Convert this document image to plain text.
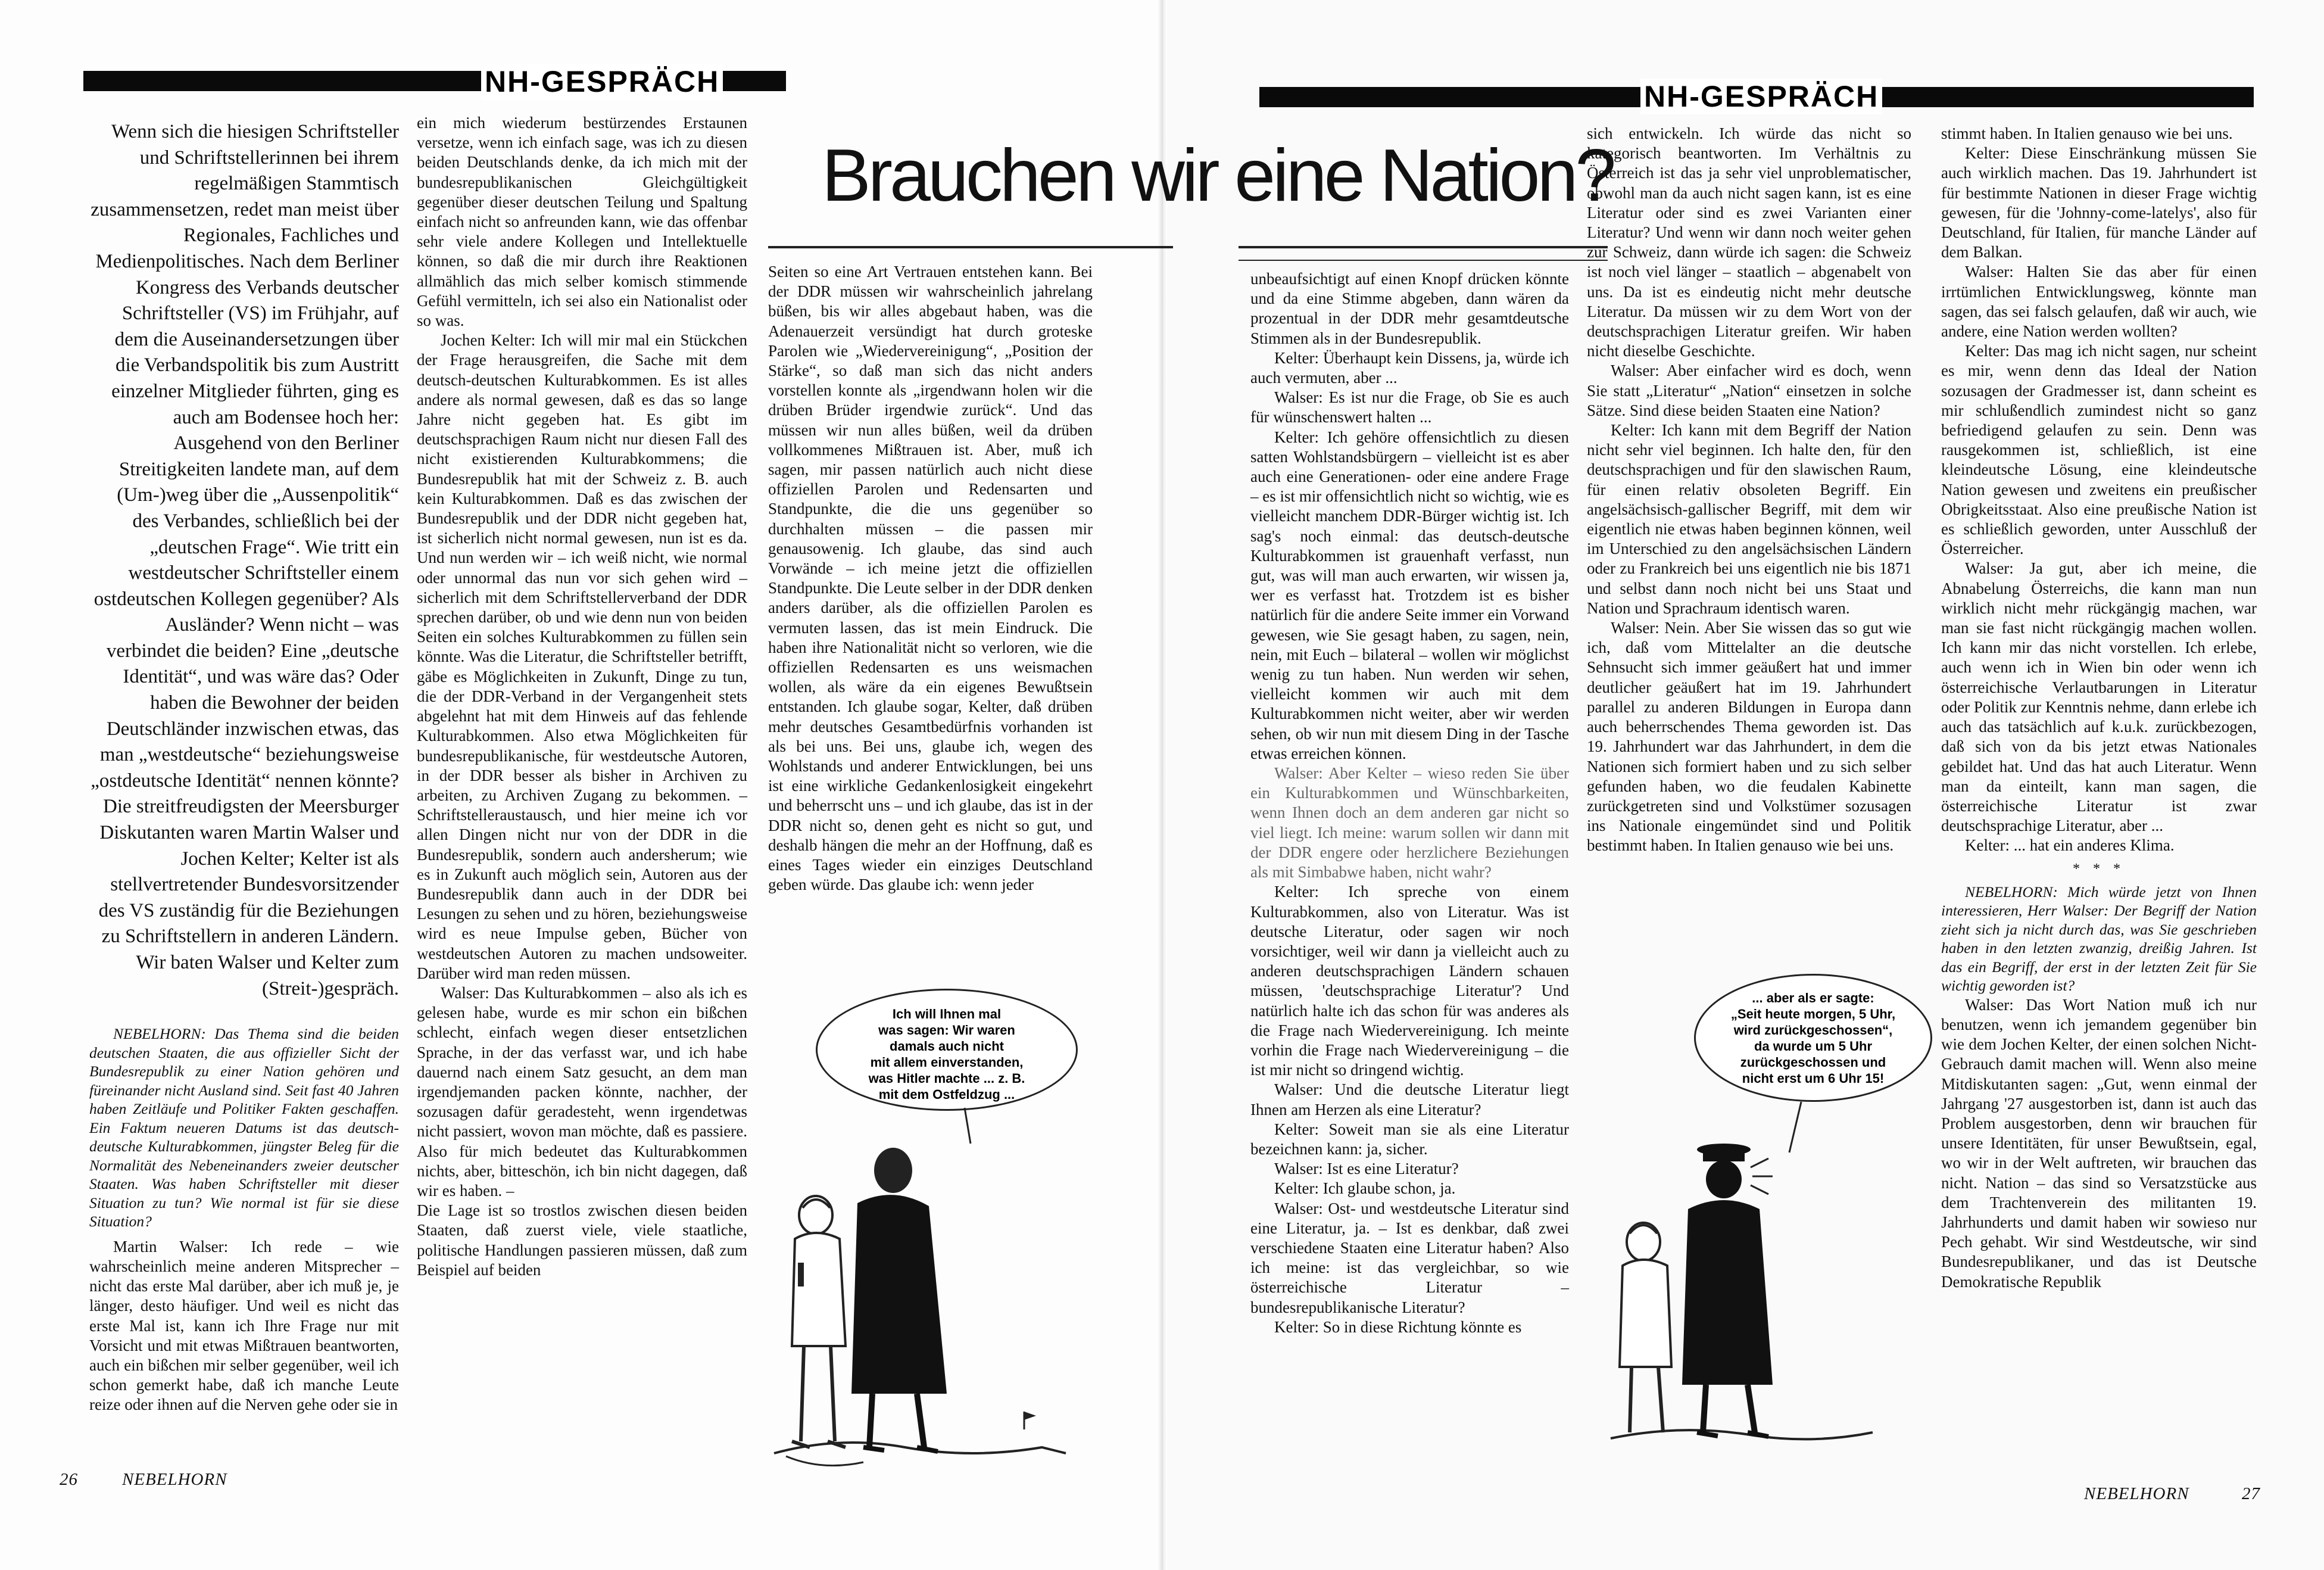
NH-GESPRÄCH	NH-GESPRÄCH
Brauchen wir eine Nation?

Wenn sich die hiesigen Schriftsteller und Schriftstellerinnen bei ihrem regelmäßigen Stammtisch zusammensetzen, redet man meist über Regionales, Fachliches und Medienpolitisches. Nach dem Berliner Kongress des Verbands deutscher Schriftsteller (VS) im Frühjahr, auf dem die Auseinandersetzungen über die Verbandspolitik bis zum Austritt einzelner Mitglieder führten, ging es auch am Bodensee hoch her: Ausgehend von den Berliner Streitigkeiten landete man, auf dem (Um-)weg über die „Aussenpolitik“ des Verbandes, schließlich bei der „deutschen Frage“. Wie tritt ein westdeutscher Schriftsteller einem ostdeutschen Kollegen gegenüber? Als Ausländer? Wenn nicht – was verbindet die beiden? Eine „deutsche Identität“, und was wäre das? Oder haben die Bewohner der beiden Deutschländer inzwischen etwas, das man „westdeutsche“ beziehungsweise „ostdeutsche Identität“ nennen könnte? Die streitfreudigsten der Meersburger Diskutanten waren Martin Walser und Jochen Kelter; Kelter ist als stellvertretender Bundesvorsitzender des VS zuständig für die Beziehungen zu Schriftstellern in anderen Ländern. Wir baten Walser und Kelter zum (Streit-)gespräch.

NEBELHORN: Das Thema sind die beiden deutschen Staaten, die aus offizieller Sicht der Bundesrepublik zu einer Nation gehören und füreinander nicht Ausland sind. Seit fast 40 Jahren haben Zeitläufe und Politiker Fakten geschaffen. Ein Faktum neueren Datums ist das deutsch-deutsche Kulturabkommen, jüngster Beleg für die Normalität des Nebeneinanders zweier deutscher Staaten. Was haben Schriftsteller mit dieser Situation zu tun? Wie normal ist für sie diese Situation?

Martin Walser: Ich rede – wie wahrscheinlich meine anderen Mitsprecher – nicht das erste Mal darüber, aber ich muß je, je länger, desto häufiger. Und weil es nicht das erste Mal ist, kann ich Ihre Frage nur mit Vorsicht und mit etwas Mißtrauen beantworten, auch ein bißchen mir selber gegenüber, weil ich schon gemerkt habe, daß ich manche Leute reize oder ihnen auf die Nerven gehe oder sie in

ein mich wiederum bestürzendes Erstaunen versetze, wenn ich einfach sage, was ich zu diesen beiden Deutschlands denke, da ich mich mit der bundesrepublikanischen Gleichgültigkeit gegenüber dieser deutschen Teilung und Spaltung einfach nicht so anfreunden kann, wie das offenbar sehr viele andere Kollegen und Intellektuelle können, so daß die mir durch ihre Reaktionen allmählich das mich selber komisch stimmende Gefühl vermitteln, ich sei also ein Nationalist oder so was.

Jochen Kelter: Ich will mir mal ein Stückchen der Frage herausgreifen, die Sache mit dem deutsch-deutschen Kulturabkommen. Es ist alles andere als normal gewesen, daß es das so lange Jahre nicht gegeben hat. Es gibt im deutschsprachigen Raum nicht nur diesen Fall des nicht existierenden Kulturabkommens; die Bundesrepublik hat mit der Schweiz z. B. auch kein Kulturabkommen. Daß es das zwischen der Bundesrepublik und der DDR nicht gegeben hat, ist sicherlich nicht normal gewesen, nun ist es da. Und nun werden wir – ich weiß nicht, wie normal oder unnormal das nun vor sich gehen wird – sicherlich mit dem Schriftstellerverband der DDR sprechen darüber, ob und wie denn nun von beiden Seiten ein solches Kulturabkommen zu füllen sein könnte. Was die Literatur, die Schriftsteller betrifft, gäbe es Möglichkeiten in Zukunft, Dinge zu tun, die der DDR-Verband in der Vergangenheit stets abgelehnt hat mit dem Hinweis auf das fehlende Kulturabkommen. Also etwa Möglichkeiten für bundesrepublikanische, für westdeutsche Autoren, in der DDR besser als bisher in Archiven zu arbeiten, zu Archiven Zugang zu bekommen. – Schriftstelleraustausch, und hier meine ich vor allen Dingen nicht nur von der DDR in die Bundesrepublik, sondern auch andersherum; wie es in Zukunft auch möglich sein, Autoren aus der Bundesrepublik dann auch in der DDR bei Lesungen zu sehen und zu hören, beziehungsweise wird es neue Impulse geben, Bücher von westdeutschen Autoren zu machen undsoweiter. Darüber wird man reden müssen.

Walser: Das Kulturabkommen – also als ich es gelesen habe, wurde es mir schon ein bißchen schlecht, einfach wegen dieser entsetzlichen Sprache, in der das verfasst war, und ich habe dauernd nach einem Satz gesucht, an dem man irgendjemanden packen könnte, nachher, der sozusagen dafür geradesteht, wenn irgendetwas nicht passiert, wovon man möchte, daß es passiere. Also für mich bedeutet das Kulturabkommen nichts, aber, bitteschön, ich bin nicht dagegen, daß wir es haben. –

Die Lage ist so trostlos zwischen diesen beiden Staaten, daß zuerst viele, viele staatliche, politische Handlungen passieren müssen, daß zum Beispiel auf beiden

Seiten so eine Art Vertrauen entstehen kann. Bei der DDR müssen wir wahrscheinlich jahrelang büßen, bis wir alles abgebaut haben, was die Adenauerzeit versündigt hat durch groteske Parolen wie „Wiedervereinigung“, „Position der Stärke“, so daß man sich das nicht anders vorstellen konnte als „irgendwann holen wir die drüben Brüder irgendwie zurück“. Und das müssen wir nun alles büßen, weil da drüben vollkommenes Mißtrauen ist. Aber, muß ich sagen, mir passen natürlich auch nicht diese offiziellen Parolen und Redensarten und Standpunkte, die die uns gegenüber so durchhalten müssen – die passen mir genausowenig. Ich glaube, das sind auch Vorwände – ich meine jetzt die offiziellen Standpunkte. Die Leute selber in der DDR denken anders darüber, als die offiziellen Parolen es vermuten lassen, das ist mein Eindruck. Die haben ihre Nationalität nicht so verloren, wie die offiziellen Redensarten es uns weismachen wollen, als wäre da ein eigenes Bewußtsein entstanden. Ich glaube sogar, Kelter, daß drüben mehr deutsches Gesamtbedürfnis vorhanden ist als bei uns. Bei uns, glaube ich, wegen des Wohlstands und anderer Entwicklungen, bei uns ist eine wirkliche Gedankenlosigkeit eingekehrt und beherrscht uns – und ich glaube, das ist in der DDR nicht so, denen geht es nicht so gut, und deshalb hängen die mehr an der Hoffnung, daß es eines Tages wieder ein einziges Deutschland geben würde. Das glaube ich: wenn jeder

Ich will Ihnen mal
was sagen: Wir waren
damals auch nicht
mit allem einverstanden,
was Hitler machte ... z. B.
mit dem Ostfeldzug ...

unbeaufsichtigt auf einen Knopf drücken könnte und da eine Stimme abgeben, dann wären da prozentual in der DDR mehr gesamtdeutsche Stimmen als in der Bundesrepublik.

Kelter: Überhaupt kein Dissens, ja, würde ich auch vermuten, aber ...

Walser: Es ist nur die Frage, ob Sie es auch für wünschenswert halten ...

Kelter: Ich gehöre offensichtlich zu diesen satten Wohlstandsbürgern – vielleicht ist es aber auch eine Generationen- oder eine andere Frage – es ist mir offensichtlich nicht so wichtig, wie es vielleicht manchem DDR-Bürger wichtig ist. Ich sag's noch einmal: das deutsch-deutsche Kulturabkommen ist grauenhaft verfasst, nun gut, was will man auch erwarten, wir wissen ja, wer es verfasst hat. Trotzdem ist es bisher natürlich für die andere Seite immer ein Vorwand gewesen, wie Sie gesagt haben, zu sagen, nein, nein, mit Euch – bilateral – wollen wir möglichst wenig zu tun haben. Nun werden wir sehen, vielleicht kommen wir auch mit dem Kulturabkommen nicht weiter, aber wir werden sehen, ob wir nun mit diesem Ding in der Tasche etwas erreichen können.

Walser: Aber Kelter – wieso reden Sie über ein Kulturabkommen und Wünschbarkeiten, wenn Ihnen doch an dem anderen gar nicht so viel liegt. Ich meine: warum sollen wir dann mit der DDR engere oder herzlichere Beziehungen als mit Simbabwe haben, nicht wahr?

Kelter: Ich spreche von einem Kulturabkommen, also von Literatur. Was ist deutsche Literatur, oder sagen wir noch vorsichtiger, weil wir dann ja vielleicht auch zu anderen deutschsprachigen Ländern schauen müssen, 'deutschsprachige Literatur'? Und natürlich halte ich das schon für was anderes als die Frage nach Wiedervereinigung. Ich meinte vorhin die Frage nach Wiedervereinigung – die ist mir nicht so dringend wichtig.

Walser: Und die deutsche Literatur liegt Ihnen am Herzen als eine Literatur?

Kelter: Soweit man sie als eine Literatur bezeichnen kann: ja, sicher.

Walser: Ist es eine Literatur?

Kelter: Ich glaube schon, ja.

Walser: Ost- und westdeutsche Literatur sind eine Literatur, ja. – Ist es denkbar, daß zwei verschiedene Staaten eine Literatur haben? Also ich meine: ist das vergleichbar, so wie österreichische Literatur – bundesrepublikanische Literatur?

Kelter: So in diese Richtung könnte es

sich entwickeln. Ich würde das nicht so kategorisch beantworten. Im Verhältnis zu Österreich ist das ja sehr viel unproblematischer, obwohl man da auch nicht sagen kann, ist es eine Literatur oder sind es zwei Varianten einer Literatur? Und wenn wir dann noch weiter gehen zur Schweiz, dann würde ich sagen: die Schweiz ist noch viel länger – staatlich – abgenabelt von uns. Da ist es eindeutig nicht mehr deutsche Literatur. Da müssen wir zu dem Wort von der deutschsprachigen Literatur greifen. Wir haben nicht dieselbe Geschichte.

Walser: Aber einfacher wird es doch, wenn Sie statt „Literatur“ „Nation“ einsetzen in solche Sätze. Sind diese beiden Staaten eine Nation?

Kelter: Ich kann mit dem Begriff der Nation nicht sehr viel beginnen. Ich halte den, für den deutschsprachigen und für den slawischen Raum, für einen relativ obsoleten Begriff. Ein angelsächsisch-gallischer Begriff, mit dem wir eigentlich nie etwas haben beginnen können, weil im Unterschied zu den angelsächsischen Ländern oder zu Frankreich bei uns eigentlich nie bis 1871 und selbst dann noch nicht bei uns Staat und Nation und Sprachraum identisch waren.

Walser: Nein. Aber Sie wissen das so gut wie ich, daß vom Mittelalter an die deutsche Sehnsucht sich immer geäußert hat und immer deutlicher geäußert hat im 19. Jahrhundert parallel zu anderen Bildungen in Europa dann auch beherrschendes Thema geworden ist. Das 19. Jahrhundert war das Jahrhundert, in dem die Nationen sich formiert haben und zu sich selber gefunden haben, wo die feudalen Kabinette zurückgetreten sind und Volkstümer sozusagen ins Nationale eingemündet sind und Politik bestimmt haben. In Italien genauso wie bei uns.

... aber als er sagte:
„Seit heute morgen, 5 Uhr,
wird zurückgeschossen“,
da wurde um 5 Uhr
zurückgeschossen und
nicht erst um 6 Uhr 15!

stimmt haben. In Italien genauso wie bei uns.

Kelter: Diese Einschränkung müssen Sie auch wirklich machen. Das 19. Jahrhundert ist für bestimmte Nationen in dieser Frage wichtig gewesen, für die 'Johnny-come-latelys', also für Deutschland, für Italien, für manche Länder auf dem Balkan.

Walser: Halten Sie das aber für einen irrtümlichen Entwicklungsweg, könnte man sagen, das sei falsch gelaufen, daß wir auch, wie andere, eine Nation werden wollten?

Kelter: Das mag ich nicht sagen, nur scheint es mir, wenn denn das Ideal der Nation sozusagen der Gradmesser ist, dann scheint es mir schlußendlich zumindest nicht so ganz befriedigend gelaufen zu sein. Denn was rausgekommen ist, schließlich, ist eine kleindeutsche Lösung, eine kleindeutsche Nation gewesen und zweitens ein preußischer Obrigkeitsstaat. Also eine preußische Nation ist es schließlich geworden, unter Ausschluß der Österreicher.

Walser: Ja gut, aber ich meine, die Abnabelung Österreichs, die kann man nun wirklich nicht mehr rückgängig machen, war man sie fast nicht rückgängig machen wollen. Ich kann mir das nicht vorstellen. Ich erlebe, auch wenn ich in Wien bin oder wenn ich österreichische Verlautbarungen in Literatur oder Politik zur Kenntnis nehme, dann erlebe ich auch das tatsächlich auf k.u.k. zurückbezogen, daß sich von da bis jetzt etwas Nationales gebildet hat. Und das hat auch Literatur. Wenn man da einteilt, kann man sagen, die österreichische Literatur ist zwar deutschsprachige Literatur, aber ...

Kelter: ... hat ein anderes Klima.

* * *

NEBELHORN: Mich würde jetzt von Ihnen interessieren, Herr Walser: Der Begriff der Nation zieht sich ja nicht durch das, was Sie geschrieben haben in den letzten zwanzig, dreißig Jahren. Ist das ein Begriff, der erst in der letzten Zeit für Sie wichtig geworden ist?

Walser: Das Wort Nation muß ich nur benutzen, wenn ich jemandem gegenüber bin wie dem Jochen Kelter, der einen solchen Nicht-Gebrauch damit machen will. Wenn also meine Mitdiskutanten sagen: „Gut, wenn einmal der Jahrgang '27 ausgestorben ist, dann ist auch das Problem ausgestorben, denn wir brauchen für unsere Identitäten, für unser Bewußtsein, egal, wo wir in der Welt auftreten, wir brauchen das nicht. Nation – das sind so Versatzstücke aus dem Trachtenverein des militanten 19. Jahrhunderts und damit haben wir sowieso nur Pech gehabt. Wir sind Westdeutsche, wir sind Bundesrepublikaner, und das ist Deutsche Demokratische Republik

26	NEBELHORN
NEBELHORN	27
